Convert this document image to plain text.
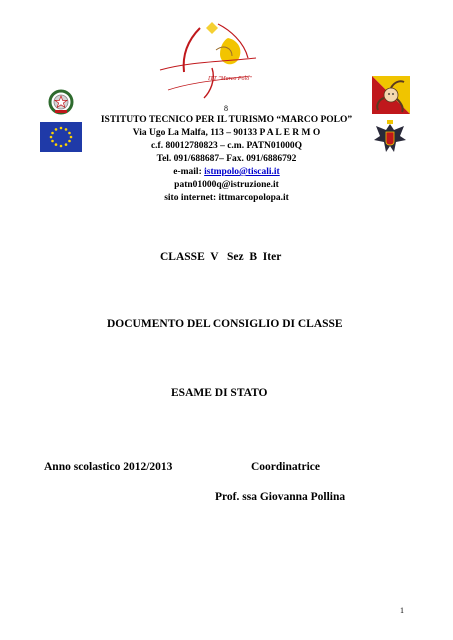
ITT "Marco Polo"
8
ISTITUTO TECNICO PER IL TURISMO “MARCO POLO”
Via Ugo La Malfa, 113 – 90133 P A L E R M O
c.f. 80012780823 – c.m. PATN01000Q
Tel. 091/688687– Fax. 091/6886792
e-mail: istmpolo@tiscali.it
patn01000q@istruzione.it
sito internet: ittmarcopolopa.it
CLASSE  V   Sez  B  Iter
DOCUMENTO DEL CONSIGLIO DI CLASSE
ESAME DI STATO
Anno scolastico 2012/2013	Coordinatrice
Prof. ssa Giovanna Pollina
1
